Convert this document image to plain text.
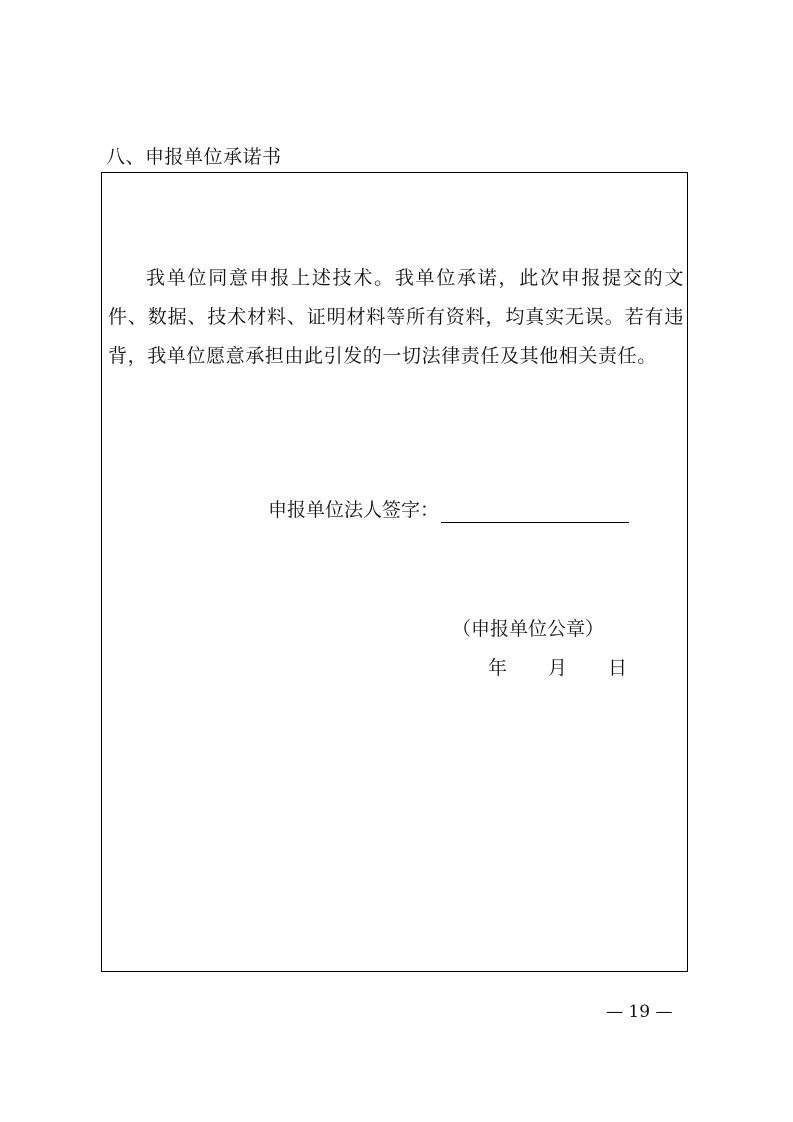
八、申报单位承诺书

我单位同意申报上述技术。我单位承诺，此次申报提交的文件、数据、技术材料、证明材料等所有资料，均真实无误。若有违背，我单位愿意承担由此引发的一切法律责任及其他相关责任。

申报单位法人签字：
（申报单位公章）
年 月 日
— 19 —
